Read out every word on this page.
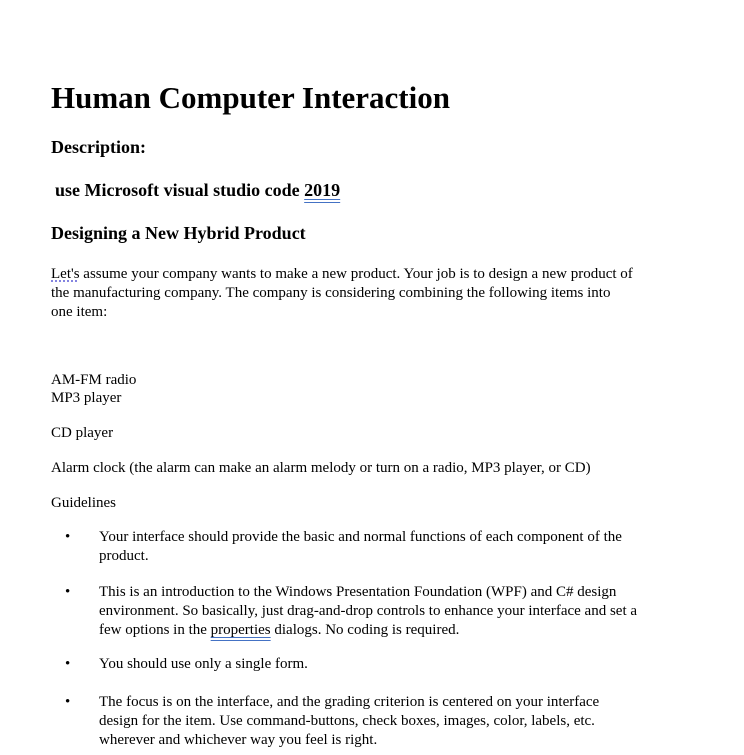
Human Computer Interaction
Description:
use Microsoft visual studio code 2019
Designing a New Hybrid Product
Let's assume your company wants to make a new product. Your job is to design a new product of
the manufacturing company. The company is considering combining the following items into
one item:
AM-FM radio
MP3 player
CD player
Alarm clock (the alarm can make an alarm melody or turn on a radio, MP3 player, or CD)
Guidelines
• Your interface should provide the basic and normal functions of each component of the
product.
• This is an introduction to the Windows Presentation Foundation (WPF) and C# design
environment. So basically, just drag-and-drop controls to enhance your interface and set a
few options in the properties dialogs. No coding is required.
• You should use only a single form.
• The focus is on the interface, and the grading criterion is centered on your interface
design for the item. Use command-buttons, check boxes, images, color, labels, etc.
wherever and whichever way you feel is right.
